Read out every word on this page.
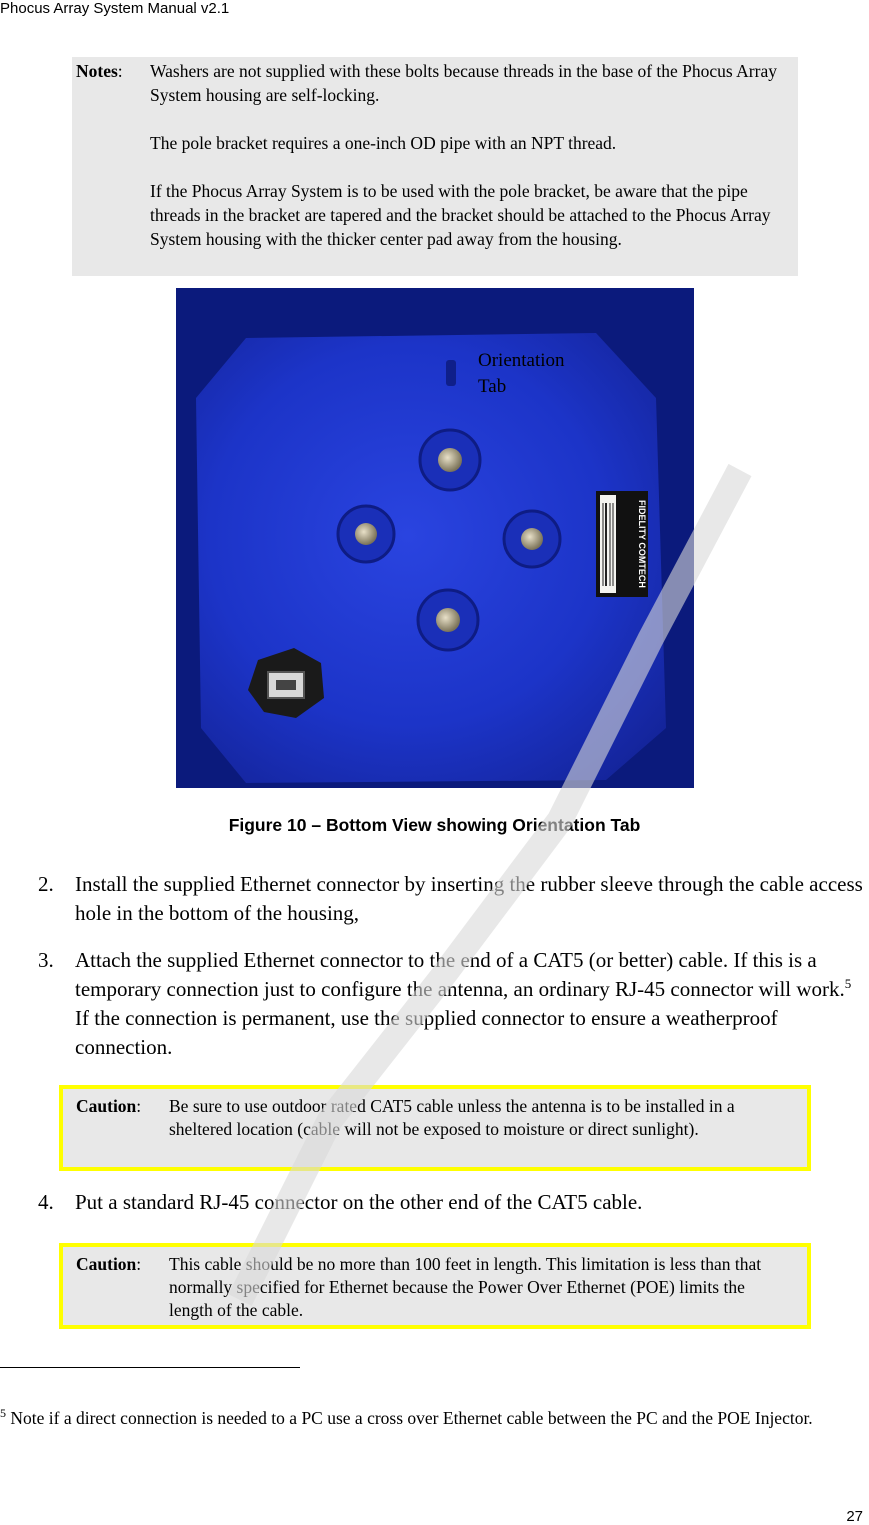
Phocus Array System Manual v2.1
Notes: Washers are not supplied with these bolts because threads in the base of the Phocus Array System housing are self-locking.

The pole bracket requires a one-inch OD pipe with an NPT thread.

If the Phocus Array System is to be used with the pole bracket, be aware that the pipe threads in the bracket are tapered and the bracket should be attached to the Phocus Array System housing with the thicker center pad away from the housing.

FIDELITY COMTECH
Orientation
Tab
Figure 10 – Bottom View showing Orientation Tab
2. Install the supplied Ethernet connector by inserting the rubber sleeve through the cable access hole in the bottom of the housing,
3. Attach the supplied Ethernet connector to the end of a CAT5 (or better) cable. If this is a temporary connection just to configure the antenna, an ordinary RJ-45 connector will work.$^5$ If the connection is permanent, use the supplied connector to ensure a weatherproof connection.
Caution: Be sure to use outdoor rated CAT5 cable unless the antenna is to be installed in a sheltered location (cable will not be exposed to moisture or direct sunlight).
4. Put a standard RJ-45 connector on the other end of the CAT5 cable.
Caution: This cable should be no more than 100 feet in length. This limitation is less than that normally specified for Ethernet because the Power Over Ethernet (POE) limits the length of the cable.
$^5$ Note if a direct connection is needed to a PC use a cross over Ethernet cable between the PC and the POE Injector.
27
